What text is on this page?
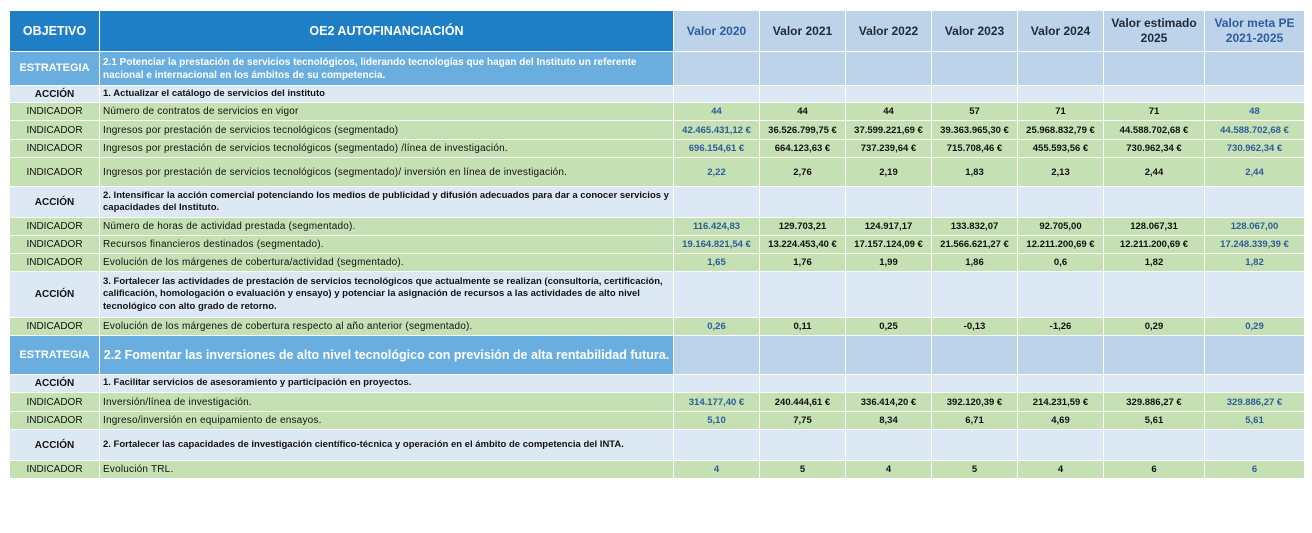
OBJETIVO	OE2 AUTOFINANCIACIÓN	Valor 2020	Valor 2021	Valor 2022	Valor 2023	Valor 2024	Valor estimado 2025	Valor meta PE 2021-2025
ESTRATEGIA	2.1 Potenciar la prestación de servicios tecnológicos, liderando tecnologías que hagan del Instituto un referente nacional e internacional en los ámbitos de su competencia.							
ACCIÓN	1. Actualizar el catálogo de servicios del instituto							
INDICADOR	Número de contratos de servicios en vigor	44	44	44	57	71	71	48
INDICADOR	Ingresos por prestación de servicios tecnológicos (segmentado)	42.465.431,12 €	36.526.799,75 €	37.599.221,69 €	39.363.965,30 €	25.968.832,79 €	44.588.702,68 €	44.588.702,68 €
INDICADOR	Ingresos por prestación de servicios tecnológicos (segmentado) /línea de investigación.	696.154,61 €	664.123,63 €	737.239,64 €	715.708,46 €	455.593,56 €	730.962,34 €	730.962,34 €
INDICADOR	Ingresos por prestación de servicios tecnológicos (segmentado)/ inversión en línea de investigación.	2,22	2,76	2,19	1,83	2,13	2,44	2,44
ACCIÓN	2. Intensificar la acción comercial potenciando los medios de publicidad y difusión adecuados para dar a conocer servicios y capacidades del Instituto.							
INDICADOR	Número de horas de actividad prestada (segmentado).	116.424,83	129.703,21	124.917,17	133.832,07	92.705,00	128.067,31	128.067,00
INDICADOR	Recursos financieros destinados (segmentado).	19.164.821,54 €	13.224.453,40 €	17.157.124,09 €	21.566.621,27 €	12.211.200,69 €	12.211.200,69 €	17.248.339,39 €
INDICADOR	Evolución de los márgenes de cobertura/actividad (segmentado).	1,65	1,76	1,99	1,86	0,6	1,82	1,82
ACCIÓN	3. Fortalecer las actividades de prestación de servicios tecnológicos que actualmente se realizan (consultoría, certificación, calificación, homologación o evaluación y ensayo) y potenciar la asignación de recursos a las actividades de alto nivel tecnológico con alto grado de retorno.							
INDICADOR	Evolución de los márgenes de cobertura respecto al año anterior (segmentado).	0,26	0,11	0,25	-0,13	-1,26	0,29	0,29
ESTRATEGIA	2.2 Fomentar las inversiones de alto nivel tecnológico con previsión de alta rentabilidad futura.							
ACCIÓN	1. Facilitar servicios de asesoramiento y participación en proyectos.							
INDICADOR	Inversión/línea de investigación.	314.177,40 €	240.444,61 €	336.414,20 €	392.120,39 €	214.231,59 €	329.886,27 €	329.886,27 €
INDICADOR	Ingreso/inversión en equipamiento de ensayos.	5,10	7,75	8,34	6,71	4,69	5,61	5,61
ACCIÓN	2. Fortalecer las capacidades de investigación científico-técnica y operación en el ámbito de competencia del INTA.							
INDICADOR	Evolución TRL.	4	5	4	5	4	6	6
